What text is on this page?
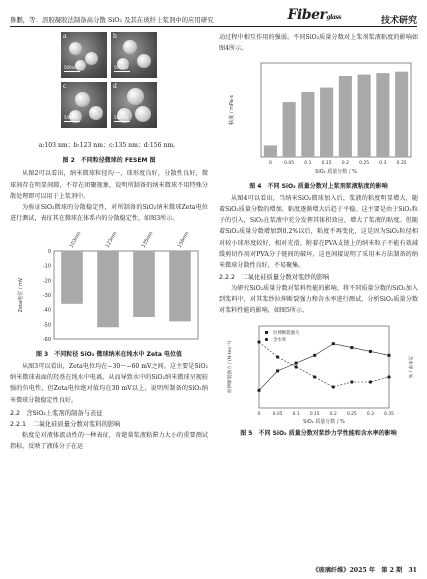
鲁鹏，等：溶胶凝胶法制备高分散 SiO₂ 及其在玻纤上浆剂中的应用研究	Fiberglass	技术研究
a
500nm
b
500nm
c
500nm
d
500nm
a:103 nm；b:123 nm；c:135 nm；d:156 nm。
图 2　不同粒径微球的 FESEM 图
从图2可以看出，纳米微球粒径均一，球形度良好，分散性良好，微球间存在明显间隙，不存在团聚现象，说明所制备的纳米微球不用特殊分散处理即可以用于上浆剂中。
为验证SiO₂微球的分散稳定性，对所制备的SiO₂纳米微球Zeta电位进行测试，表征其在微球在体系内的分散稳定性，如图3所示。
-60
-50
-40
-30
-20
-10
0
Zeta电位 / mV
103nm	123nm	135nm	156nm
图 3　不同粒径 SiO₂ 微球纳米在纯水中 Zeta 电位值
从图3可以看出，Zeta电位均在−30～−60 mV之间。这主要是SiO₂纳米微球表面的羟基在纯水中电离，从而导致水中的SiO₂纳米微球呈现较强的负电性，但Zeta电位绝对值均在30 mV以上，说明所制备的SiO₂纳米微球分散稳定性良好。
2.2　含SiO₂上浆剂的制备与表征
2.2.1　二氧化硅质量分数对浆料的影响
粘度是对液体流动性的一种表征，奇葩量浆液粘滞力大小的重要测试指标，反映了液体分子在运
动过程中相互作用的强弱。不同SiO₂质量分数对上浆剂浆液粘度的影响如图4所示。
粘度 / mPa·s
0	0.05 0.1 0.15 0.2 0.25 0.3 0.35
SiO₂ 质量分数 / %
图 4　不同 SiO₂ 质量分数对上浆剂浆液粘度的影响
从图4可以看出，当纳米SiO₂微球加入后，浆液的粘度明显增大，随着SiO₂质量分数的增加，粘度逐渐增大后趋于平稳。这主要是由于SiO₂粒子的引入，SiO₂在浆液中充分发挥其体积效应，增大了浆液的粘度。但随着SiO₂质量分数增加到0.2%以后，粘度不再变化，这是因为SiO₂粒径相对较小球形度较好，相对光滑，附着在PVA支链上的纳米粒子不能有效减缓剪切作用对PVA分子链间的破坏，这也间接说明了采用本方法制备的纳米微球分散性良好，不易聚集。
2.2.2　二氧化硅质量分数对浆纱的影响
为研究SiO₂质量分数对浆料性能的影响，将不同质量分数的SiO₂加入到浆料中，对其浆纱拉伸断裂强力和含水率进行测试，分析SiO₂质量分数对浆料性能的影响，如图5所示。
拉伸断裂强力 / (N·tex⁻¹)	含水率 / %
拉伸断裂强力
含水率
0	0.05 0.1 0.15 0.2 0.25 0.3 0.35
SiO₂ 质量分数 / %
图 5　不同 SiO₂ 质量分数对浆纱力学性能和含水率的影响
《玻璃纤维》2025 年　第 2 期　31
